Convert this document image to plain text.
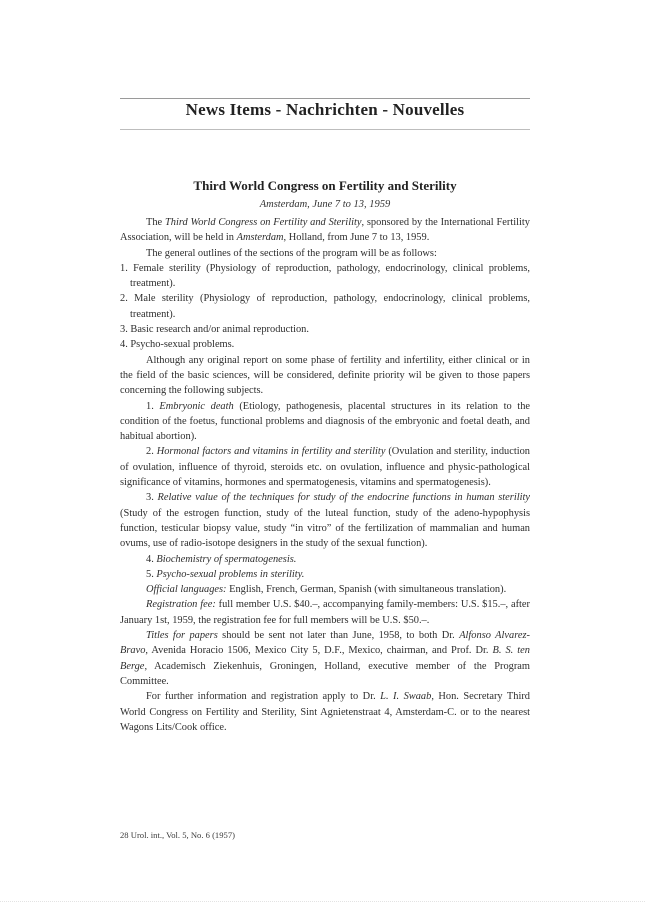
News Items - Nachrichten - Nouvelles
Third World Congress on Fertility and Sterility
Amsterdam, June 7 to 13, 1959

The Third World Congress on Fertility and Sterility, sponsored by the International Fertility Association, will be held in Amsterdam, Holland, from June 7 to 13, 1959.

The general outlines of the sections of the program will be as follows:

1. Female sterility (Physiology of reproduction, pathology, endocrinology, clinical problems, treatment).

2. Male sterility (Physiology of reproduction, pathology, endocrinology, clinical problems, treatment).

3. Basic research and/or animal reproduction.

4. Psycho-sexual problems.

Although any original report on some phase of fertility and infertility, either clinical or in the field of the basic sciences, will be considered, definite priority wil be given to those papers concerning the following subjects.

1. Embryonic death (Etiology, pathogenesis, placental structures in its relation to the condition of the foetus, functional problems and diagnosis of the embryonic and foetal death, and habitual abortion).

2. Hormonal factors and vitamins in fertility and sterility (Ovulation and sterility, induction of ovulation, influence of thyroid, steroids etc. on ovulation, influence and physic-pathological significance of vitamins, hormones and spermatogenesis, vitamins and spermatogenesis).

3. Relative value of the techniques for study of the endocrine functions in human sterility (Study of the estrogen function, study of the luteal function, study of the adeno-hypophysis function, testicular biopsy value, study “in vitro” of the fertilization of mammalian and human ovums, use of radio-isotope designers in the study of the sexual function).

4. Biochemistry of spermatogenesis.

5. Psycho-sexual problems in sterility.

Official languages: English, French, German, Spanish (with simultaneous translation).

Registration fee: full member U.S. $40.–, accompanying family-members: U.S. $15.–, after January 1st, 1959, the registration fee for full members will be U.S. $50.–.

Titles for papers should be sent not later than June, 1958, to both Dr. Alfonso Alvarez-Bravo, Avenida Horacio 1506, Mexico City 5, D.F., Mexico, chairman, and Prof. Dr. B. S. ten Berge, Academisch Ziekenhuis, Groningen, Holland, executive member of the Program Committee.

For further information and registration apply to Dr. L. I. Swaab, Hon. Secretary Third World Congress on Fertility and Sterility, Sint Agnietenstraat 4, Amsterdam-C. or to the nearest Wagons Lits/Cook office.

28 Urol. int., Vol. 5, No. 6 (1957)
